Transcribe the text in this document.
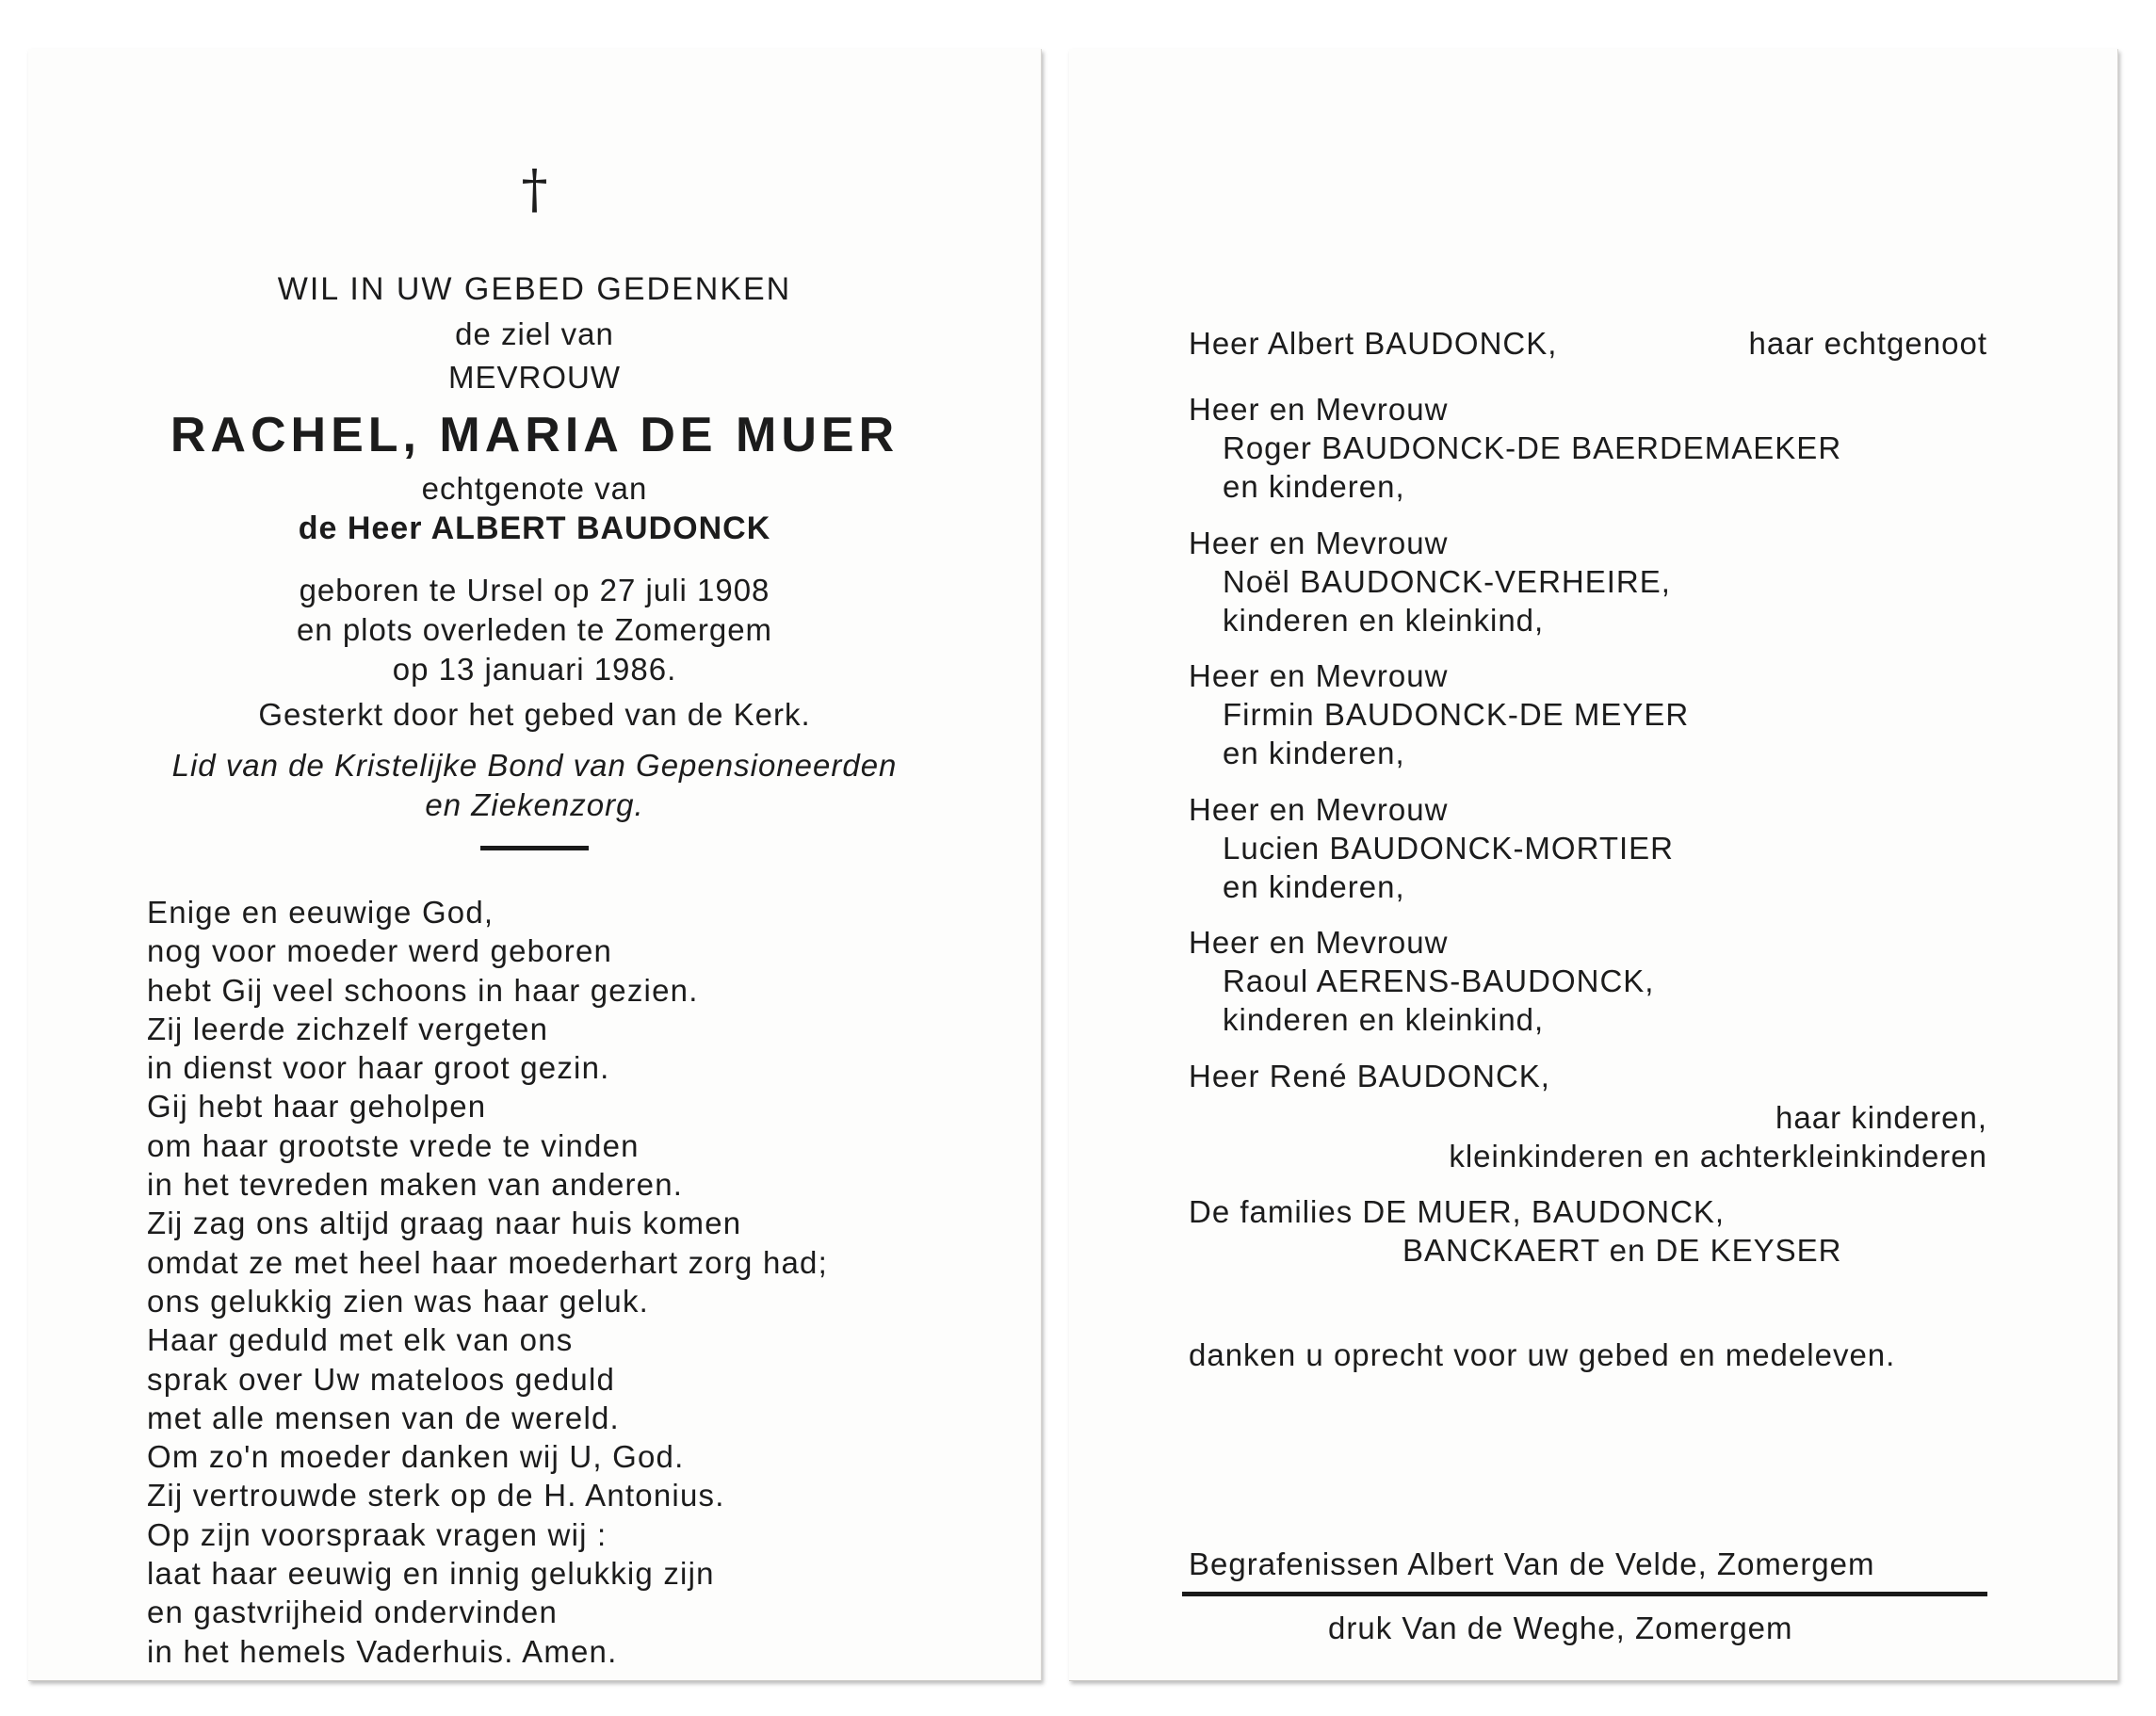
†
WIL IN UW GEBED GEDENKEN
de ziel van
MEVROUW
RACHEL, MARIA DE MUER
echtgenote van
de Heer ALBERT BAUDONCK
geboren te Ursel op 27 juli 1908
en plots overleden te Zomergem
op 13 januari 1986.
Gesterkt door het gebed van de Kerk.
Lid van de Kristelijke Bond van Gepensioneerden
en Ziekenzorg.
Enige en eeuwige God,
nog voor moeder werd geboren
hebt Gij veel schoons in haar gezien.
Zij leerde zichzelf vergeten
in dienst voor haar groot gezin.
Gij hebt haar geholpen
om haar grootste vrede te vinden
in het tevreden maken van anderen.
Zij zag ons altijd graag naar huis komen
omdat ze met heel haar moederhart zorg had;
ons gelukkig zien was haar geluk.
Haar geduld met elk van ons
sprak over Uw mateloos geduld
met alle mensen van de wereld.
Om zo'n moeder danken wij U, God.
Zij vertrouwde sterk op de H. Antonius.
Op zijn voorspraak vragen wij :
laat haar eeuwig en innig gelukkig zijn
en gastvrijheid ondervinden
in het hemels Vaderhuis. Amen.
Heer Albert BAUDONCK,	haar echtgenoot
Heer en Mevrouw
Roger BAUDONCK-DE BAERDEMAEKER
en kinderen,
Heer en Mevrouw
Noël BAUDONCK-VERHEIRE,
kinderen en kleinkind,
Heer en Mevrouw
Firmin BAUDONCK-DE MEYER
en kinderen,
Heer en Mevrouw
Lucien BAUDONCK-MORTIER
en kinderen,
Heer en Mevrouw
Raoul AERENS-BAUDONCK,
kinderen en kleinkind,
Heer René BAUDONCK,
haar kinderen,
kleinkinderen en achterkleinkinderen
De families DE MUER, BAUDONCK,
BANCKAERT en DE KEYSER
danken u oprecht voor uw gebed en medeleven.
Begrafenissen Albert Van de Velde, Zomergem
druk Van de Weghe, Zomergem
